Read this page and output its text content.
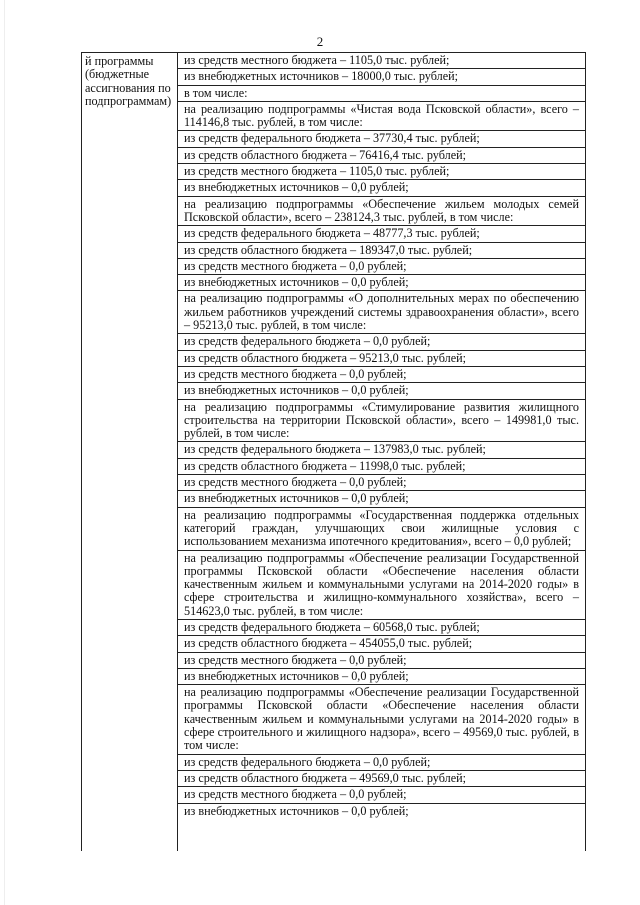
2
й программы (бюджетные ассигнования по подпрограммам)
из средств местного бюджета – 1105,0 тыс. рублей;
из внебюджетных источников – 18000,0 тыс. рублей;
в том числе:
на реализацию подпрограммы «Чистая вода Псковской области», всего – 114146,8 тыс. рублей, в том числе:
из средств федерального бюджета – 37730,4 тыс. рублей;
из средств областного бюджета – 76416,4 тыс. рублей;
из средств местного бюджета – 1105,0 тыс. рублей;
из внебюджетных источников – 0,0 рублей;
на реализацию подпрограммы «Обеспечение жильем молодых семей Псковской области», всего – 238124,3 тыс. рублей, в том числе:
из средств федерального бюджета – 48777,3 тыс. рублей;
из средств областного бюджета – 189347,0 тыс. рублей;
из средств местного бюджета – 0,0 рублей;
из внебюджетных источников – 0,0 рублей;
на реализацию подпрограммы «О дополнительных мерах по обеспечению жильем работников учреждений системы здравоохранения области», всего – 95213,0 тыс. рублей, в том числе:
из средств федерального бюджета – 0,0 рублей;
из средств областного бюджета – 95213,0 тыс. рублей;
из средств местного бюджета – 0,0 рублей;
из внебюджетных источников – 0,0 рублей;
на реализацию подпрограммы «Стимулирование развития жилищного строительства на территории Псковской области», всего – 149981,0 тыс. рублей, в том числе:
из средств федерального бюджета – 137983,0 тыс. рублей;
из средств областного бюджета – 11998,0 тыс. рублей;
из средств местного бюджета – 0,0 рублей;
из внебюджетных источников – 0,0 рублей;
на реализацию подпрограммы «Государственная поддержка отдельных категорий граждан, улучшающих свои жилищные условия с использованием механизма ипотечного кредитования», всего – 0,0 рублей;
на реализацию подпрограммы «Обеспечение реализации Государственной программы Псковской области «Обеспечение населения области качественным жильем и коммунальными услугами на 2014-2020 годы» в сфере строительства и жилищно-коммунального хозяйства», всего – 514623,0 тыс. рублей, в том числе:
из средств федерального бюджета – 60568,0 тыс. рублей;
из средств областного бюджета – 454055,0 тыс. рублей;
из средств местного бюджета – 0,0 рублей;
из внебюджетных источников – 0,0 рублей;
на реализацию подпрограммы «Обеспечение реализации Государственной программы Псковской области «Обеспечение населения области качественным жильем и коммунальными услугами на 2014-2020 годы» в сфере строительного и жилищного надзора», всего – 49569,0 тыс. рублей, в том числе:
из средств федерального бюджета – 0,0 рублей;
из средств областного бюджета – 49569,0 тыс. рублей;
из средств местного бюджета – 0,0 рублей;
из внебюджетных источников – 0,0 рублей;
